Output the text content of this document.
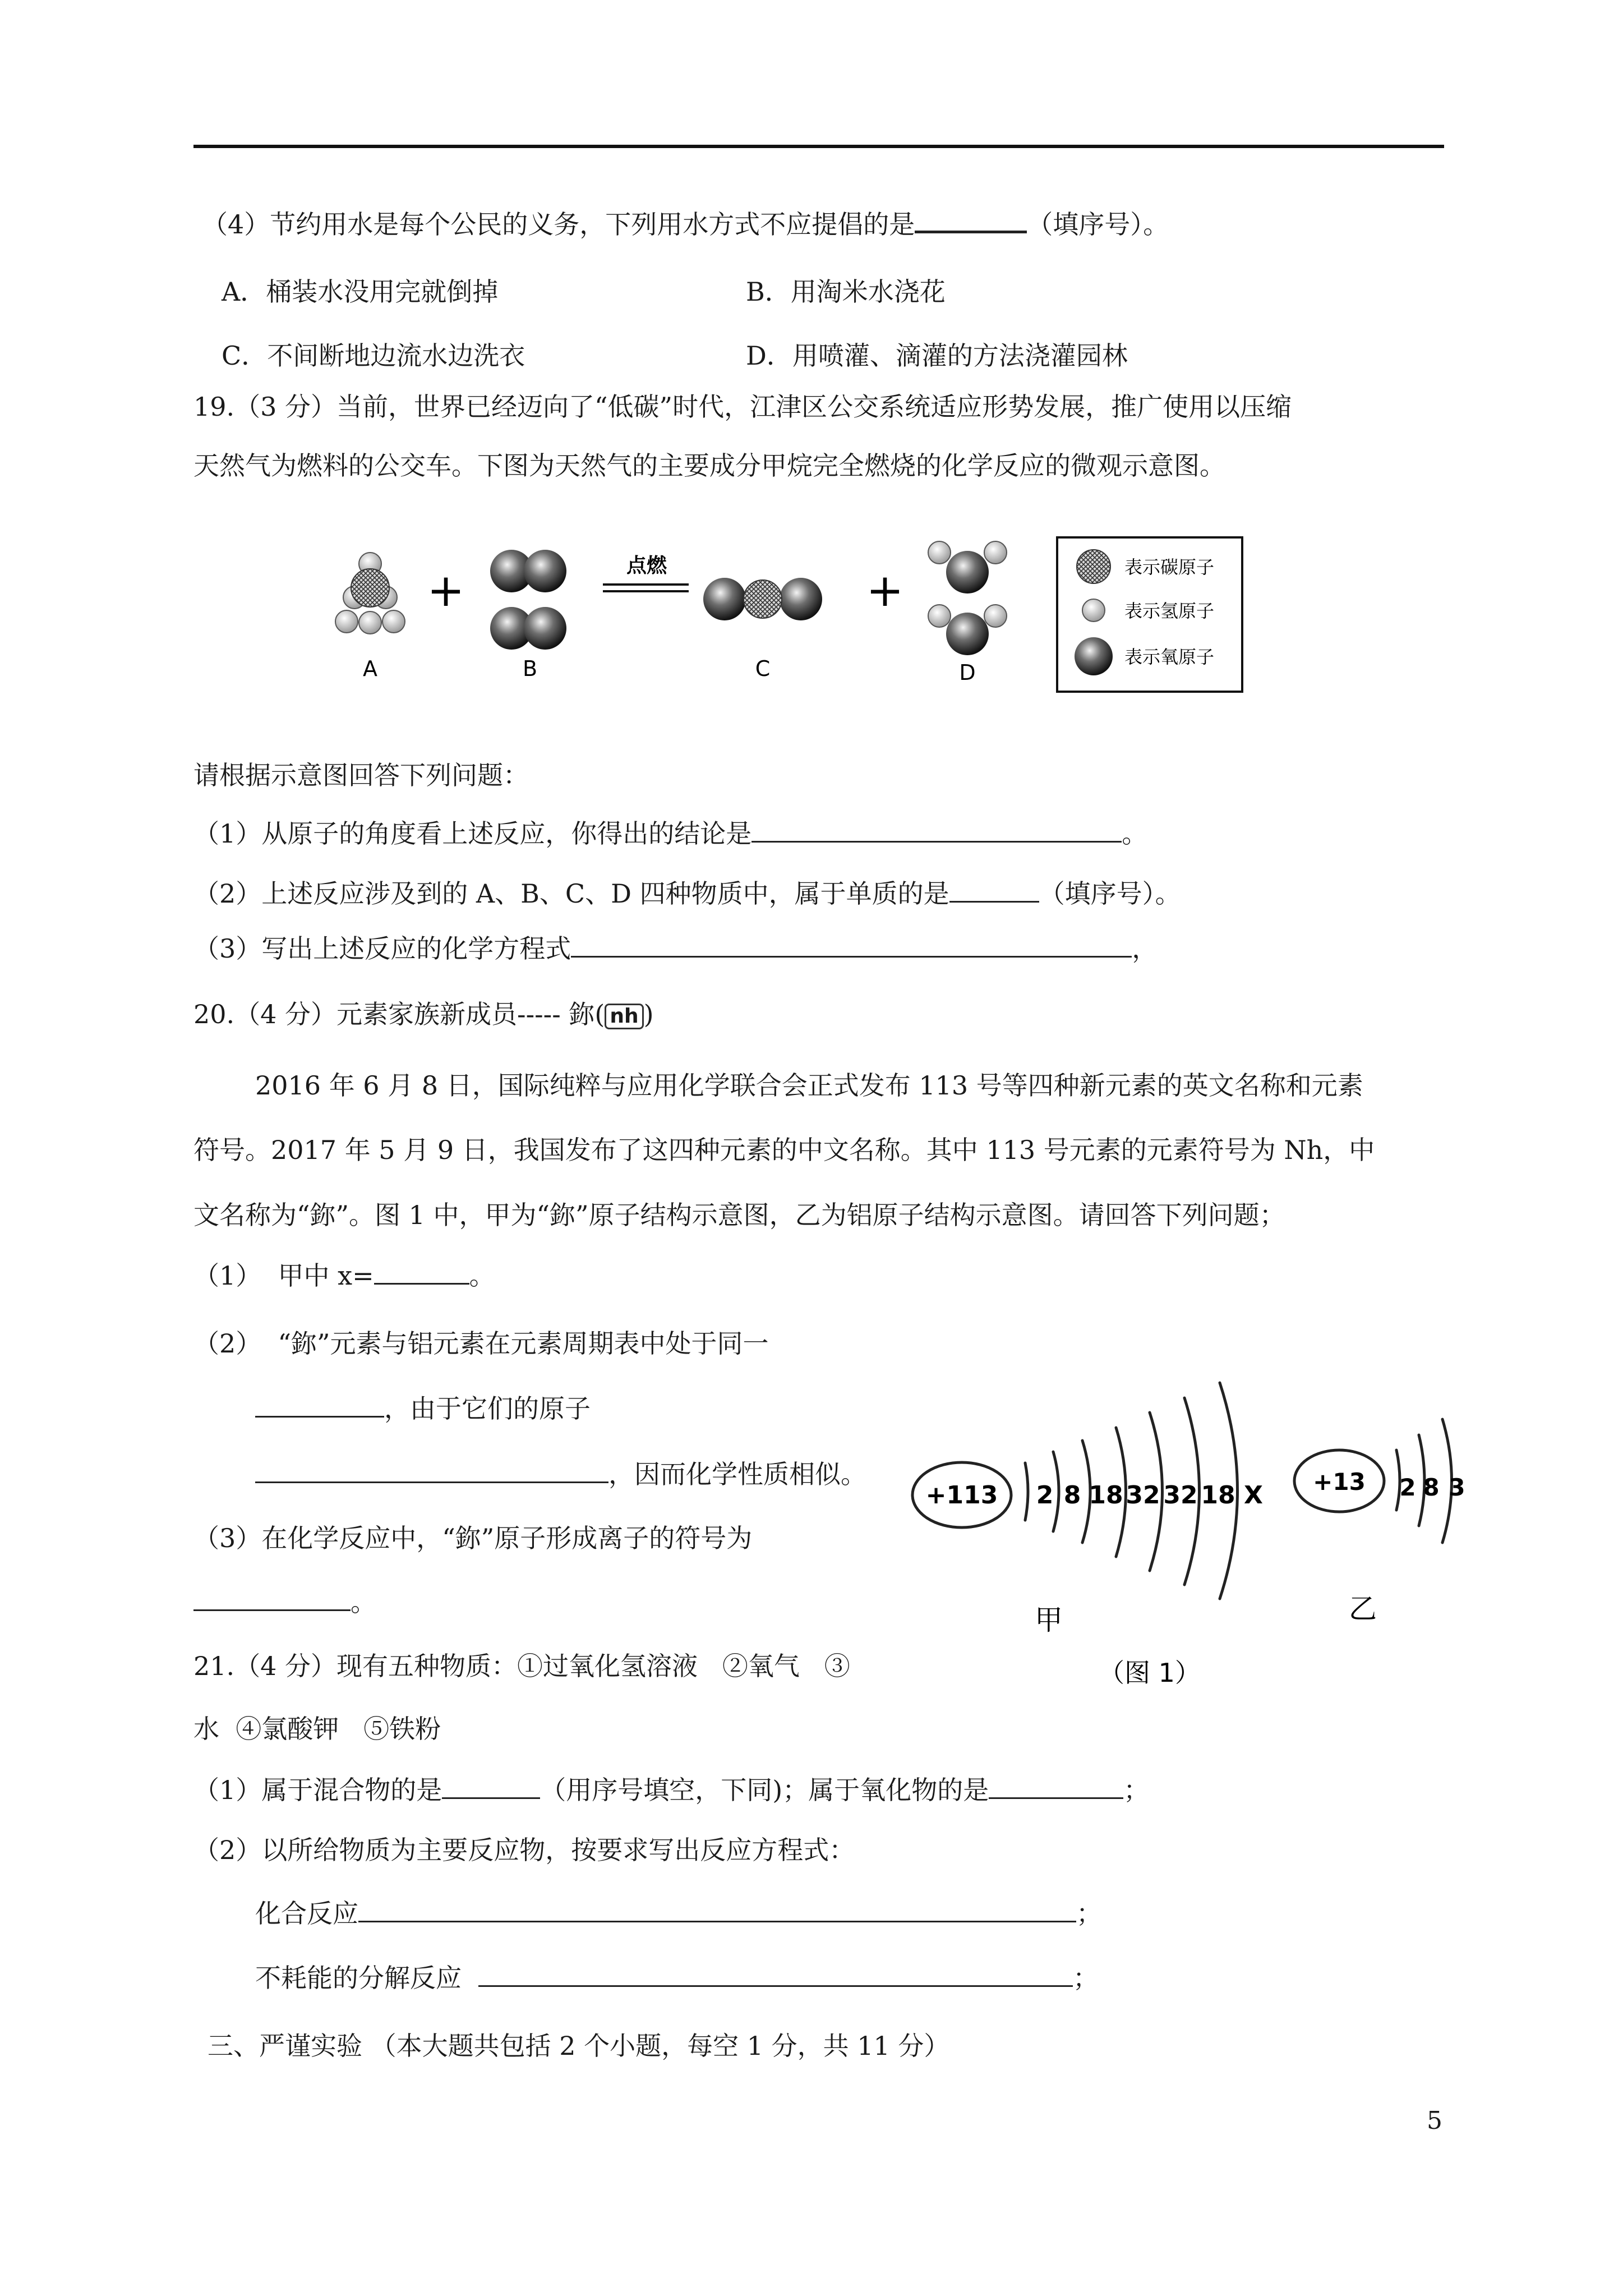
（4）节约用水是每个公民的义务，下列用水方式不应提倡的是	（填序号）。
A．桶装水没用完就倒掉	B．用淘米水浇花
C．不间断地边流水边洗衣	D．用喷灌、滴灌的方法浇灌园林
19.（3 分）当前，世界已经迈向了“低碳”时代，江津区公交系统适应形势发展，推广使用以压缩
天然气为燃料的公交车。下图为天然气的主要成分甲烷完全燃烧的化学反应的微观示意图。
A
+
B
点燃
C
+
D
表示碳原子
表示氢原子
表示氧原子
请根据示意图回答下列问题：
（1）从原子的角度看上述反应，你得出的结论是	。
（2）上述反应涉及到的 A、B、C、D 四种物质中，属于单质的是	（填序号）。
（3）写出上述反应的化学方程式	，
20.（4 分）元素家族新成员----- 鉨( nh )
2016 年 6 月 8 日，国际纯粹与应用化学联合会正式发布 113 号等四种新元素的英文名称和元素
符号。2017 年 5 月 9 日，我国发布了这四种元素的中文名称。其中 113 号元素的元素符号为 Nh，中
文名称为“鉨”。图 1 中，甲为“鉨”原子结构示意图，乙为铝原子结构示意图。请回答下列问题；
（1）  甲中 x=	。
（2）  “鉨”元素与铝元素在元素周期表中处于同一
，由于它们的原子
，因而化学性质相似。
（3）在化学反应中，“鉨”原子形成离子的符号为
。
+113 2 8 18 32 32 18 X +13 2 8 3
甲	乙
（图 1）
21.（4 分）现有五种物质：①过氧化氢溶液   ②氧气   ③
水  ④氯酸钾   ⑤铁粉
（1）属于混合物的是	（用序号填空，下同)；属于氧化物的是	；
（2）以所给物质为主要反应物，按要求写出反应方程式：
化合反应	；
不耗能的分解反应	；
三、严谨实验 （本大题共包括 2 个小题，每空 1 分，共 11 分）
5
